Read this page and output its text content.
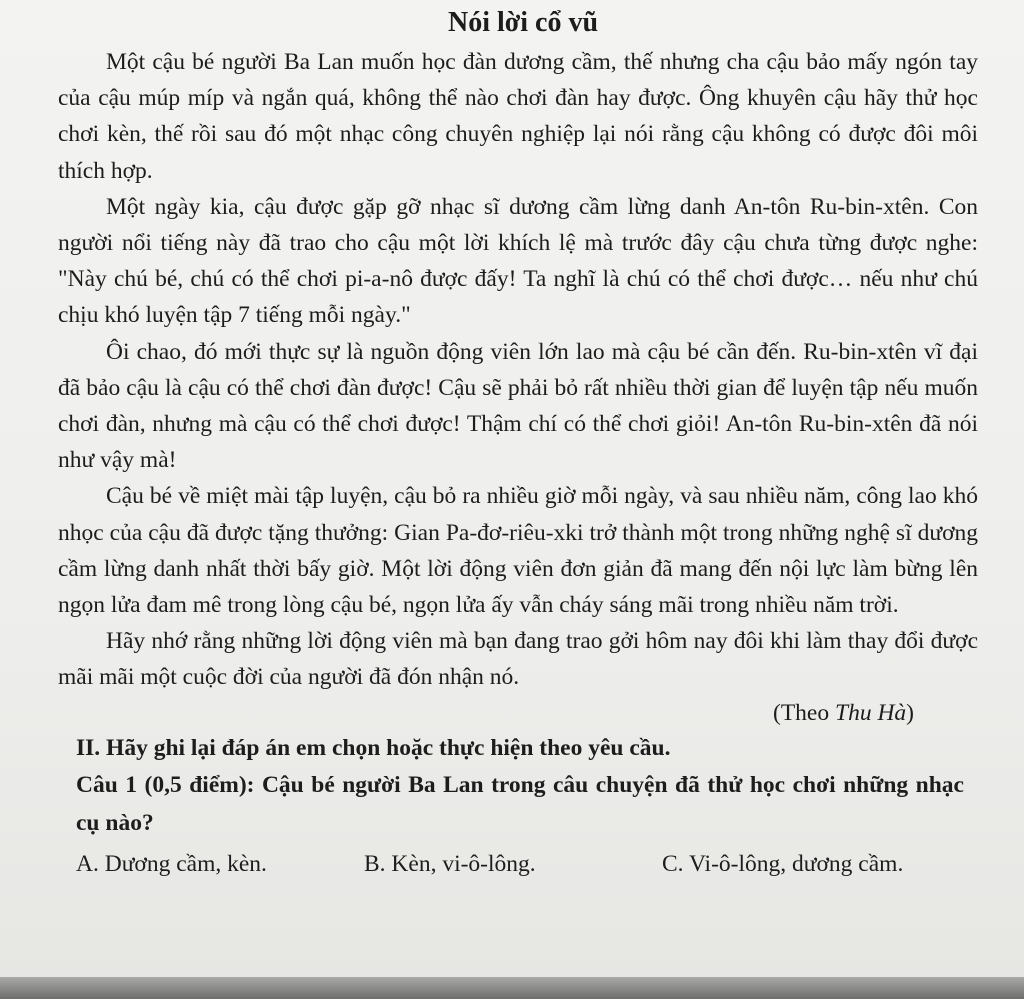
Nói lời cổ vũ

Một cậu bé người Ba Lan muốn học đàn dương cầm, thế nhưng cha cậu bảo mấy ngón tay của cậu múp míp và ngắn quá, không thể nào chơi đàn hay được. Ông khuyên cậu hãy thử học chơi kèn, thế rồi sau đó một nhạc công chuyên nghiệp lại nói rằng cậu không có được đôi môi thích hợp.

Một ngày kia, cậu được gặp gỡ nhạc sĩ dương cầm lừng danh An-tôn Ru-bin-xtên. Con người nổi tiếng này đã trao cho cậu một lời khích lệ mà trước đây cậu chưa từng được nghe: "Này chú bé, chú có thể chơi pi-a-nô được đấy! Ta nghĩ là chú có thể chơi được… nếu như chú chịu khó luyện tập 7 tiếng mỗi ngày."

Ôi chao, đó mới thực sự là nguồn động viên lớn lao mà cậu bé cần đến. Ru-bin-xtên vĩ đại đã bảo cậu là cậu có thể chơi đàn được! Cậu sẽ phải bỏ rất nhiều thời gian để luyện tập nếu muốn chơi đàn, nhưng mà cậu có thể chơi được! Thậm chí có thể chơi giỏi! An-tôn Ru-bin-xtên đã nói như vậy mà!

Cậu bé về miệt mài tập luyện, cậu bỏ ra nhiều giờ mỗi ngày, và sau nhiều năm, công lao khó nhọc của cậu đã được tặng thưởng: Gian Pa-đơ-riêu-xki trở thành một trong những nghệ sĩ dương cầm lừng danh nhất thời bấy giờ. Một lời động viên đơn giản đã mang đến nội lực làm bừng lên ngọn lửa đam mê trong lòng cậu bé, ngọn lửa ấy vẫn cháy sáng mãi trong nhiều năm trời.

Hãy nhớ rằng những lời động viên mà bạn đang trao gởi hôm nay đôi khi làm thay đổi được mãi mãi một cuộc đời của người đã đón nhận nó.

(Theo Thu Hà)

II. Hãy ghi lại đáp án em chọn hoặc thực hiện theo yêu cầu.

Câu 1 (0,5 điểm): Cậu bé người Ba Lan trong câu chuyện đã thử học chơi những nhạc cụ nào?

A. Dương cầm, kèn.	B. Kèn, vi-ô-lông.	C. Vi-ô-lông, dương cầm.
